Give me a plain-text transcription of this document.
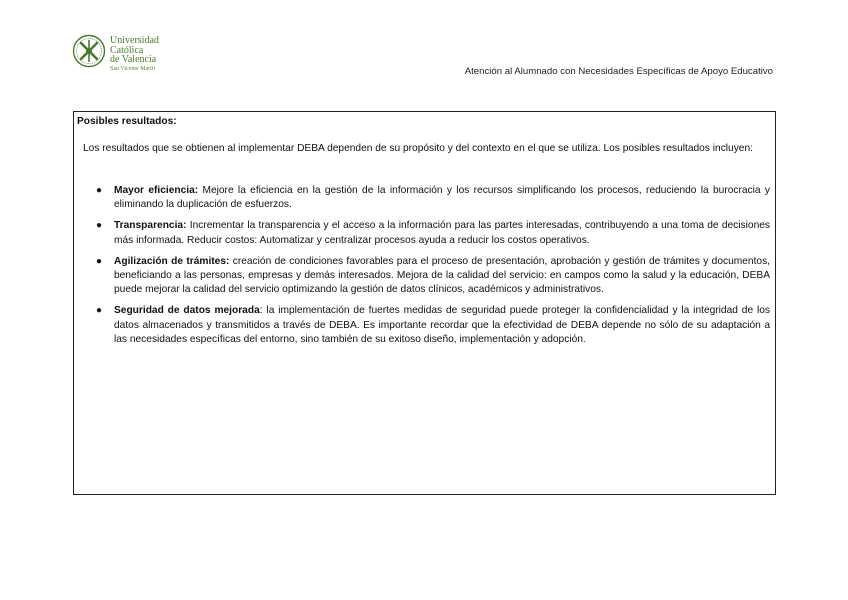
Universidad
Católica
de Valencia
San Vicente Mártir	Atención al Alumnado con Necesidades Específicas de Apoyo Educativo
Posibles resultados:
Los resultados que se obtienen al implementar DEBA dependen de su propósito y del contexto en el que se utiliza. Los posibles resultados incluyen:
● Mayor eficiencia: Mejore la eficiencia en la gestión de la información y los recursos simplificando los procesos, reduciendo la burocracia y eliminando la duplicación de esfuerzos.
● Transparencia: Incrementar la transparencia y el acceso a la información para las partes interesadas, contribuyendo a una toma de decisiones más informada. Reducir costos: Automatizar y centralizar procesos ayuda a reducir los costos operativos.
● Agilización de trámites: creación de condiciones favorables para el proceso de presentación, aprobación y gestión de trámites y documentos, beneficiando a las personas, empresas y demás interesados. Mejora de la calidad del servicio: en campos como la salud y la educación, DEBA puede mejorar la calidad del servicio optimizando la gestión de datos clínicos, académicos y administrativos.
● Seguridad de datos mejorada: la implementación de fuertes medidas de seguridad puede proteger la confidencialidad y la integridad de los datos almacenados y transmitidos a través de DEBA. Es importante recordar que la efectividad de DEBA depende no sólo de su adaptación a las necesidades específicas del entorno, sino también de su exitoso diseño, implementación y adopción.
